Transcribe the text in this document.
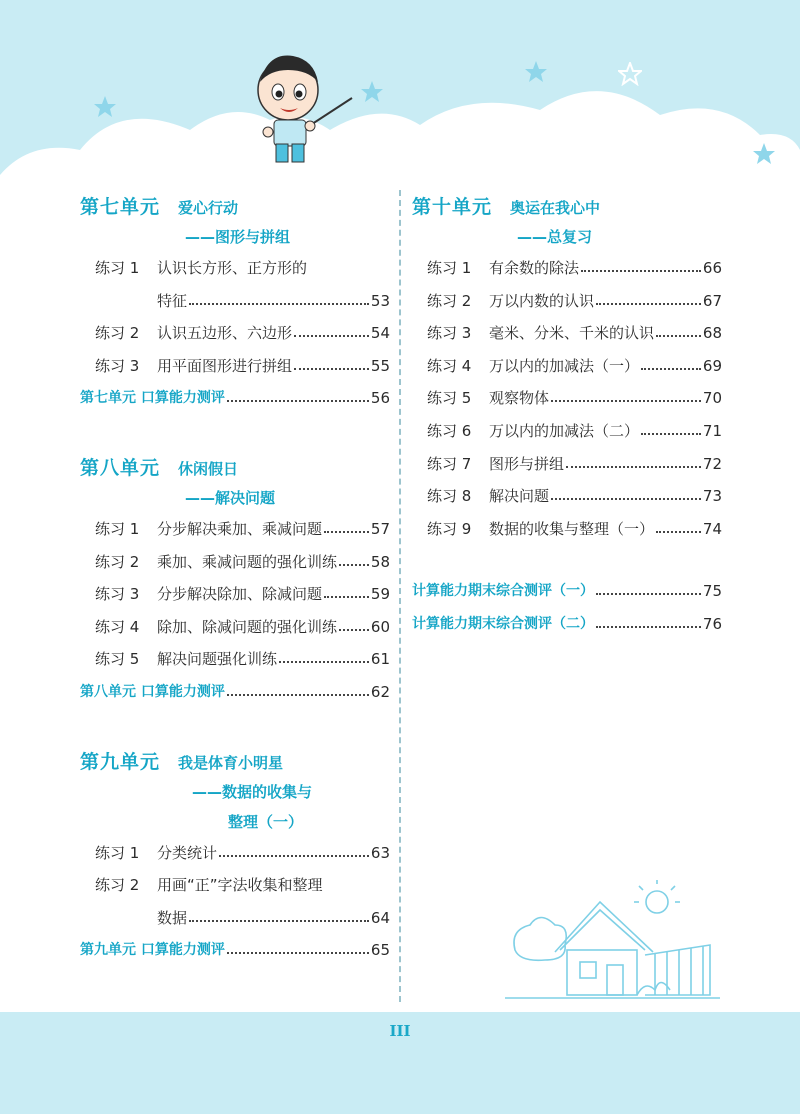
第七单元 爱心行动
——图形与拼组
练习 1	认识长方形、正方形的
特征	53
练习 2	认识五边形、六边形	54
练习 3	用平面图形进行拼组	55
第七单元 口算能力测评	56
第八单元 休闲假日
——解决问题
练习 1	分步解决乘加、乘减问题	57
练习 2	乘加、乘减问题的强化训练 58
练习 3	分步解决除加、除减问题	59
练习 4	除加、除减问题的强化训练 60
练习 5	解决问题强化训练	61
第八单元 口算能力测评	62
第九单元 我是体育小明星
——数据的收集与
整理（一）
练习 1	分类统计	63
练习 2	用画“正”字法收集和整理
数据	64
第九单元 口算能力测评	65
第十单元 奥运在我心中
——总复习
练习 1	有余数的除法	66
练习 2	万以内数的认识	67
练习 3	毫米、分米、千米的认识	68
练习 4	万以内的加减法（一）	69
练习 5	观察物体	70
练习 6	万以内的加减法（二）	71
练习 7	图形与拼组	72
练习 8	解决问题	73
练习 9	数据的收集与整理（一）	74
计算能力期末综合测评（一）	75
计算能力期末综合测评（二）	76
III
